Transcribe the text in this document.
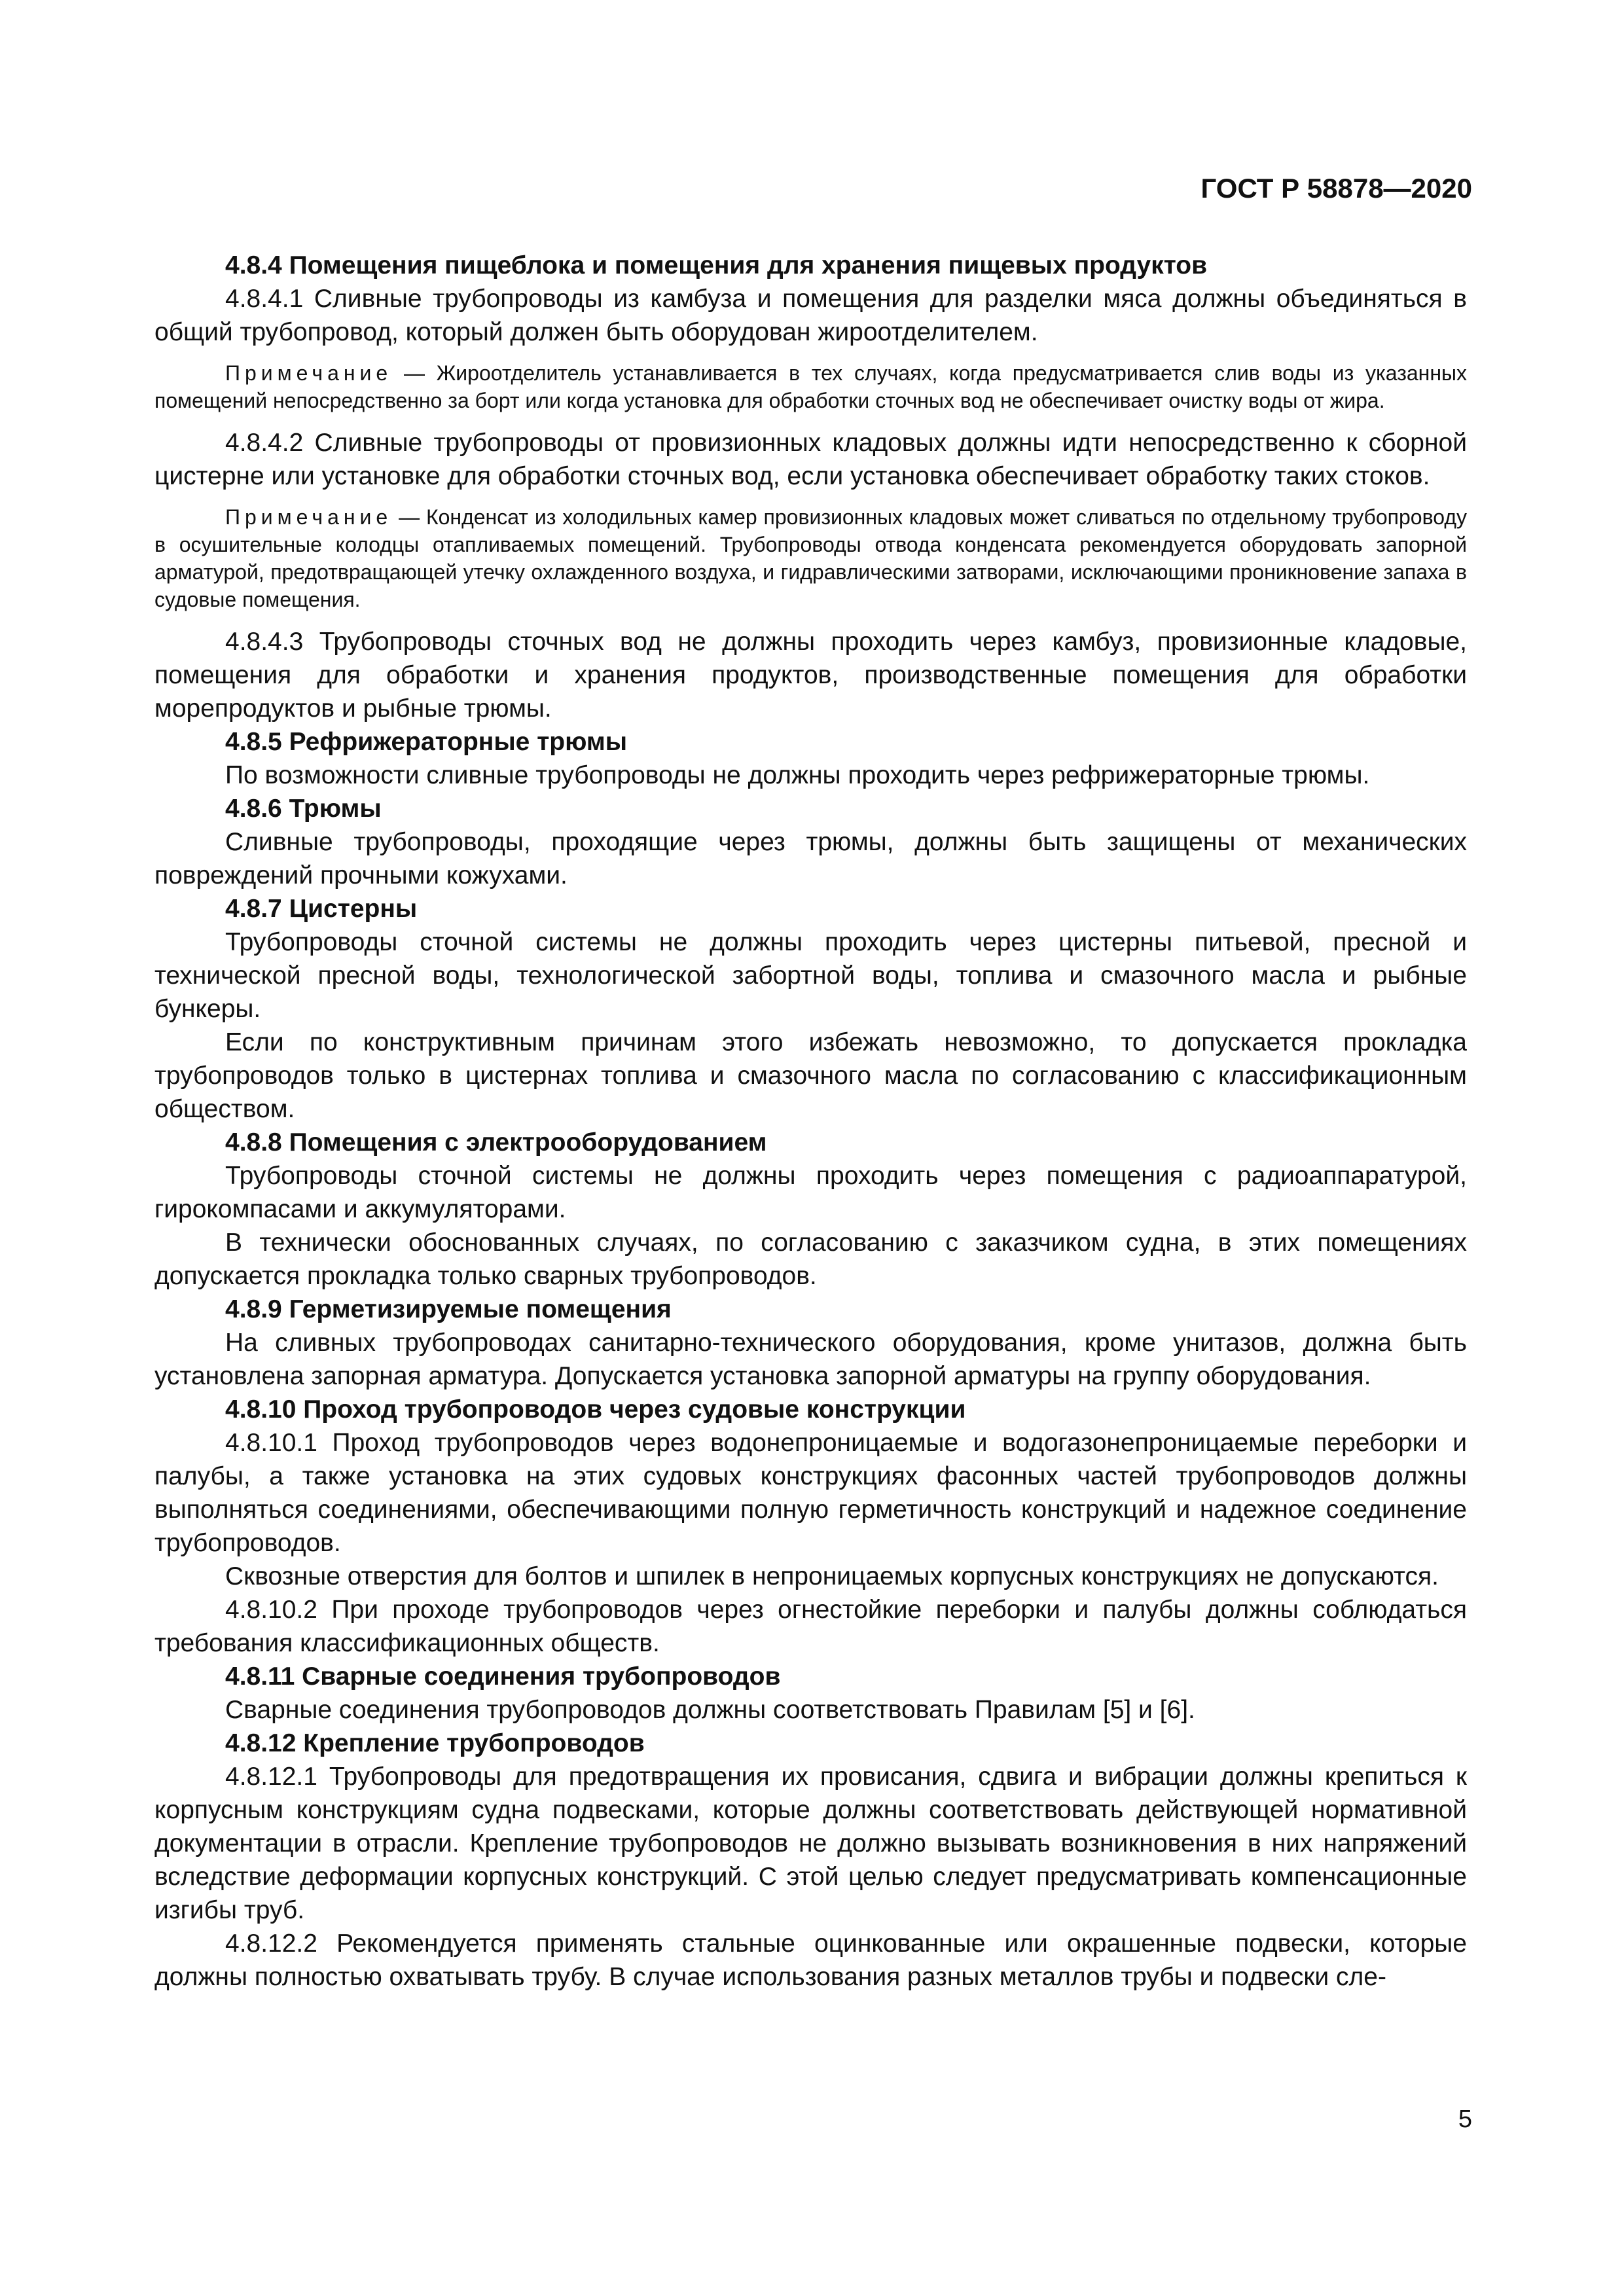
ГОСТ Р 58878—2020

4.8.4 Помещения пищеблока и помещения для хранения пищевых продуктов

4.8.4.1 Сливные трубопроводы из камбуза и помещения для разделки мяса должны объединяться в общий трубопровод, который должен быть оборудован жироотделителем.

Примечание — Жироотделитель устанавливается в тех случаях, когда предусматривается слив воды из указанных помещений непосредственно за борт или когда установка для обработки сточных вод не обеспечивает очистку воды от жира.

4.8.4.2 Сливные трубопроводы от провизионных кладовых должны идти непосредственно к сборной цистерне или установке для обработки сточных вод, если установка обеспечивает обработку таких стоков.

Примечание — Конденсат из холодильных камер провизионных кладовых может сливаться по отдельному трубопроводу в осушительные колодцы отапливаемых помещений. Трубопроводы отвода конденсата рекомендуется оборудовать запорной арматурой, предотвращающей утечку охлажденного воздуха, и гидравлическими затворами, исключающими проникновение запаха в судовые помещения.

4.8.4.3 Трубопроводы сточных вод не должны проходить через камбуз, провизионные кладовые, помещения для обработки и хранения продуктов, производственные помещения для обработки морепродуктов и рыбные трюмы.

4.8.5 Рефрижераторные трюмы

По возможности сливные трубопроводы не должны проходить через рефрижераторные трюмы.

4.8.6 Трюмы

Сливные трубопроводы, проходящие через трюмы, должны быть защищены от механических повреждений прочными кожухами.

4.8.7 Цистерны

Трубопроводы сточной системы не должны проходить через цистерны питьевой, пресной и технической пресной воды, технологической забортной воды, топлива и смазочного масла и рыбные бункеры.

Если по конструктивным причинам этого избежать невозможно, то допускается прокладка трубопроводов только в цистернах топлива и смазочного масла по согласованию с классификационным обществом.

4.8.8 Помещения с электрооборудованием

Трубопроводы сточной системы не должны проходить через помещения с радиоаппаратурой, гирокомпасами и аккумуляторами.

В технически обоснованных случаях, по согласованию с заказчиком судна, в этих помещениях допускается прокладка только сварных трубопроводов.

4.8.9 Герметизируемые помещения

На сливных трубопроводах санитарно-технического оборудования, кроме унитазов, должна быть установлена запорная арматура. Допускается установка запорной арматуры на группу оборудования.

4.8.10 Проход трубопроводов через судовые конструкции

4.8.10.1 Проход трубопроводов через водонепроницаемые и водогазонепроницаемые переборки и палубы, а также установка на этих судовых конструкциях фасонных частей трубопроводов должны выполняться соединениями, обеспечивающими полную герметичность конструкций и надежное соединение трубопроводов.

Сквозные отверстия для болтов и шпилек в непроницаемых корпусных конструкциях не допускаются.

4.8.10.2 При проходе трубопроводов через огнестойкие переборки и палубы должны соблюдаться требования классификационных обществ.

4.8.11 Сварные соединения трубопроводов

Сварные соединения трубопроводов должны соответствовать Правилам [5] и [6].

4.8.12 Крепление трубопроводов

4.8.12.1 Трубопроводы для предотвращения их провисания, сдвига и вибрации должны крепиться к корпусным конструкциям судна подвесками, которые должны соответствовать действующей нормативной документации в отрасли. Крепление трубопроводов не должно вызывать возникновения в них напряжений вследствие деформации корпусных конструкций. С этой целью следует предусматривать компенсационные изгибы труб.

4.8.12.2 Рекомендуется применять стальные оцинкованные или окрашенные подвески, которые должны полностью охватывать трубу. В случае использования разных металлов трубы и подвески сле-

5
